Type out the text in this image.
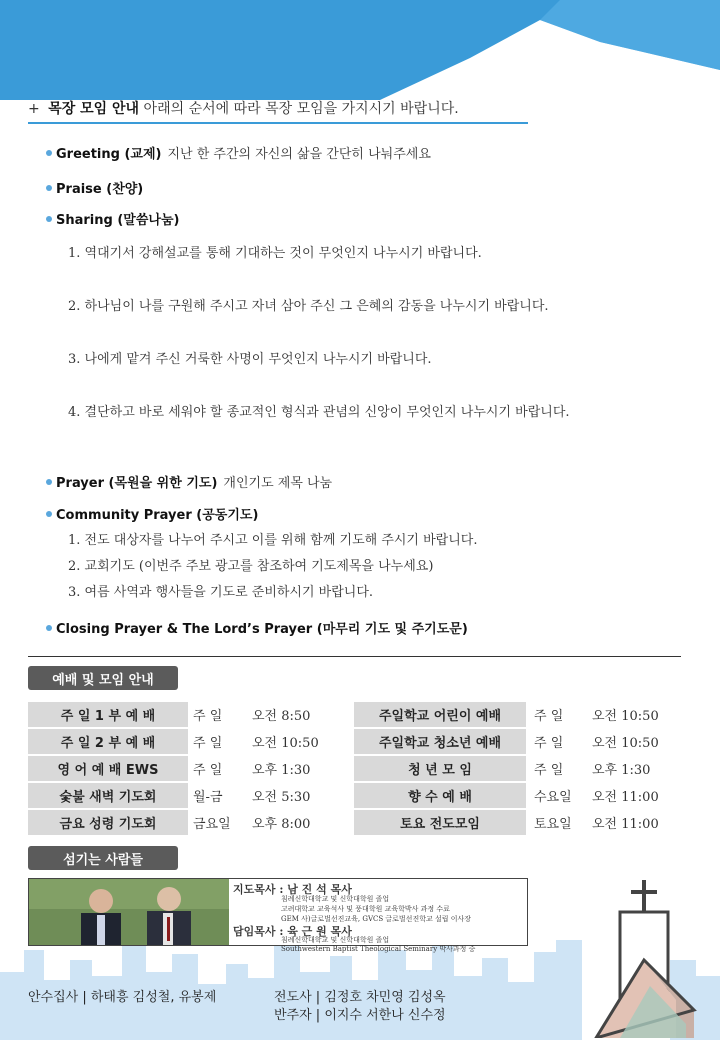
+ 목장 모임 안내 아래의 순서에 따라 목장 모임을 가지시기 바랍니다.
Greeting (교제) 지난 한 주간의 자신의 삶을 간단히 나눠주세요
Praise (찬양)
Sharing (말씀나눔)
1. 역대기서 강해설교를 통해 기대하는 것이 무엇인지 나누시기 바랍니다.
2. 하나님이 나를 구원해 주시고 자녀 삼아 주신 그 은혜의 감동을 나누시기 바랍니다.
3. 나에게 맡겨 주신 거룩한 사명이 무엇인지 나누시기 바랍니다.
4. 결단하고 바로 세워야 할 종교적인 형식과 관념의 신앙이 무엇인지 나누시기 바랍니다.
Prayer (목원을 위한 기도) 개인기도 제목 나눔
Community Prayer (공동기도)
1. 전도 대상자를 나누어 주시고 이를 위해 함께 기도해 주시기 바랍니다.
2. 교회기도 (이번주 주보 광고를 참조하여 기도제목을 나누세요)
3. 여름 사역과 행사들을 기도로 준비하시기 바랍니다.
Closing Prayer & The Lord’s Prayer (마무리 기도 및 주기도문)
예배 및 모임 안내
주 일 1 부 예 배
주 일 2 부 예 배
영 어 예 배 EWS
숯불 새벽 기도회
금요 성령 기도회
주 일
주 일
주 일
월-금
금요일
오전 8:50
오전 10:50
오후 1:30
오전 5:30
오후 8:00
주일학교 어린이 예배
주일학교 청소년 예배
청 년 모 임
향 수 예 배
토요 전도모임
주 일
주 일
주 일
수요일
토요일
오전 10:50
오전 10:50
오후 1:30
오전 11:00
오전 11:00
섬기는 사람들
지도목사 : 남 진 석 목사
침례신학대학교 및 신학대학원 졸업
고려대학교 교육석사 및 풍대학원 교육학박사 과정 수료
GEM 사)글로벌선진교육, GVCS 글로벌선진학교 설립 이사장
담임목사 : 육 근 원 목사
침례신학대학교 및 신학대학원 졸업
Southwestern Baptist Theological Seminary 박사과정 중
안수집사 | 하태흥 김성철, 유봉제	전도사 | 김정호 차민영 김성옥
반주자 | 이지수 서한나 신수정
